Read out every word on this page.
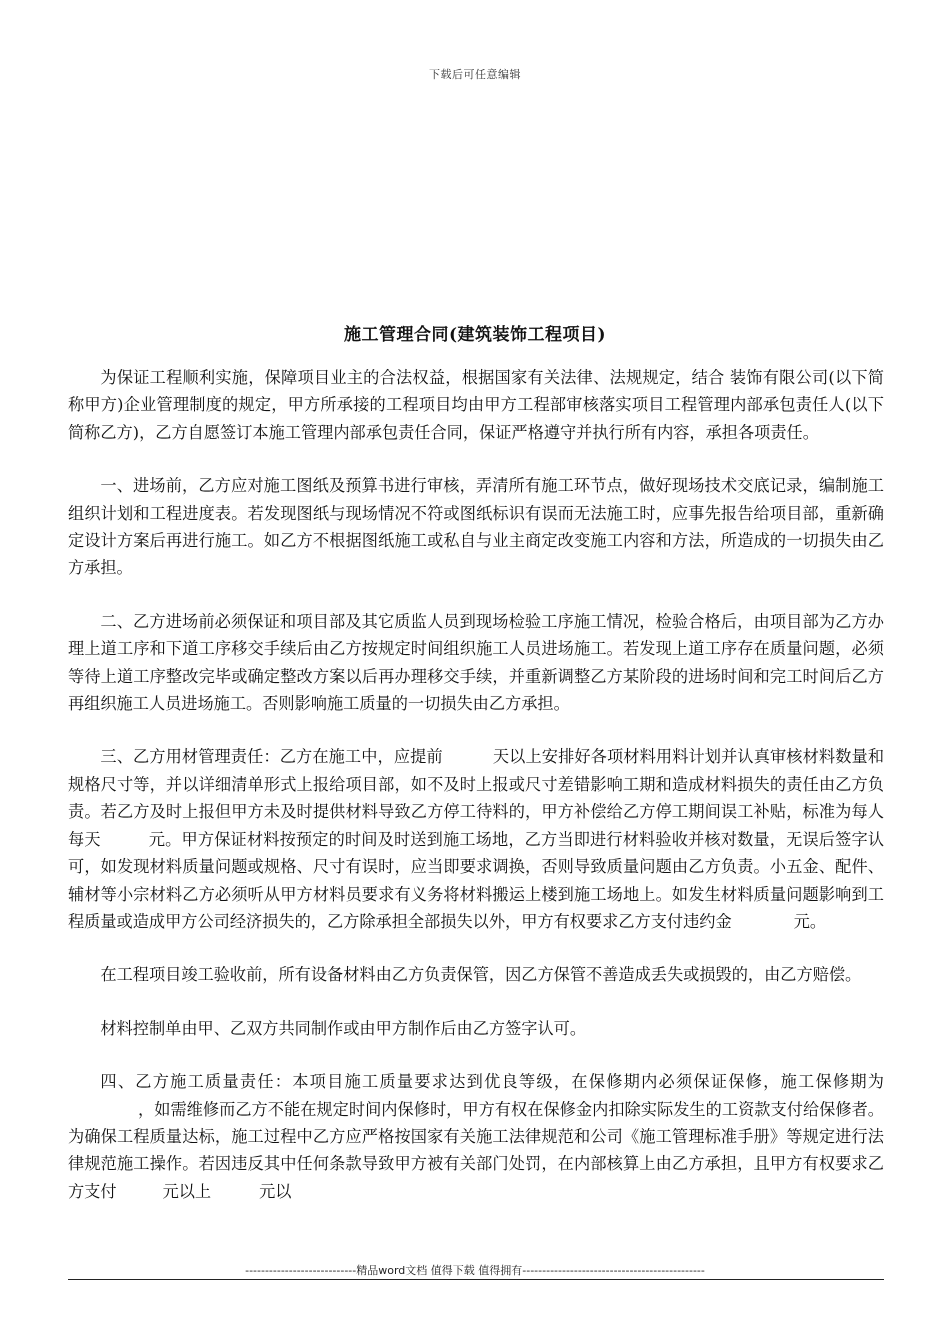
下载后可任意编辑
施工管理合同(建筑装饰工程项目)

为保证工程顺利实施，保障项目业主的合法权益，根据国家有关法律、法规规定，结合 装饰有限公司(以下简称甲方)企业管理制度的规定，甲方所承接的工程项目均由甲方工程部审核落实项目工程管理内部承包责任人(以下简称乙方)，乙方自愿签订本施工管理内部承包责任合同，保证严格遵守并执行所有内容，承担各项责任。

一、进场前，乙方应对施工图纸及预算书进行审核，弄清所有施工环节点，做好现场技术交底记录，编制施工组织计划和工程进度表。若发现图纸与现场情况不符或图纸标识有误而无法施工时，应事先报告给项目部，重新确定设计方案后再进行施工。如乙方不根据图纸施工或私自与业主商定改变施工内容和方法，所造成的一切损失由乙方承担。

二、乙方进场前必须保证和项目部及其它质监人员到现场检验工序施工情况，检验合格后，由项目部为乙方办理上道工序和下道工序移交手续后由乙方按规定时间组织施工人员进场施工。若发现上道工序存在质量问题，必须等待上道工序整改完毕或确定整改方案以后再办理移交手续，并重新调整乙方某阶段的进场时间和完工时间后乙方再组织施工人员进场施工。否则影响施工质量的一切损失由乙方承担。

三、乙方用材管理责任：乙方在施工中，应提前	天以上安排好各项材料用料计划并认真审核材料数量和规格尺寸等，并以详细清单形式上报给项目部，如不及时上报或尺寸差错影响工期和造成材料损失的责任由乙方负责。若乙方及时上报但甲方未及时提供材料导致乙方停工待料的，甲方补偿给乙方停工期间误工补贴，标准为每人每天	元。甲方保证材料按预定的时间及时送到施工场地，乙方当即进行材料验收并核对数量，无误后签字认可，如发现材料质量问题或规格、尺寸有误时，应当即要求调换，否则导致质量问题由乙方负责。小五金、配件、辅材等小宗材料乙方必须听从甲方材料员要求有义务将材料搬运上楼到施工场地上。如发生材料质量问题影响到工程质量或造成甲方公司经济损失的，乙方除承担全部损失以外，甲方有权要求乙方支付违约金	元。

在工程项目竣工验收前，所有设备材料由乙方负责保管，因乙方保管不善造成丢失或损毁的，由乙方赔偿。

材料控制单由甲、乙双方共同制作或由甲方制作后由乙方签字认可。

四、乙方施工质量责任：本项目施工质量要求达到优良等级，在保修期内必须保证保修，施工保修期为，如需维修而乙方不能在规定时间内保修时，甲方有权在保修金内扣除实际发生的工资款支付给保修者。为确保工程质量达标，施工过程中乙方应严格按国家有关施工法律规范和公司《施工管理标准手册》等规定进行法律规范施工操作。若因违反其中任何条款导致甲方被有关部门处罚，在内部核算上由乙方承担，且甲方有权要求乙方支付	元以上	元以

----------------------------精品word文档 值得下载 值得拥有----------------------------------------------
